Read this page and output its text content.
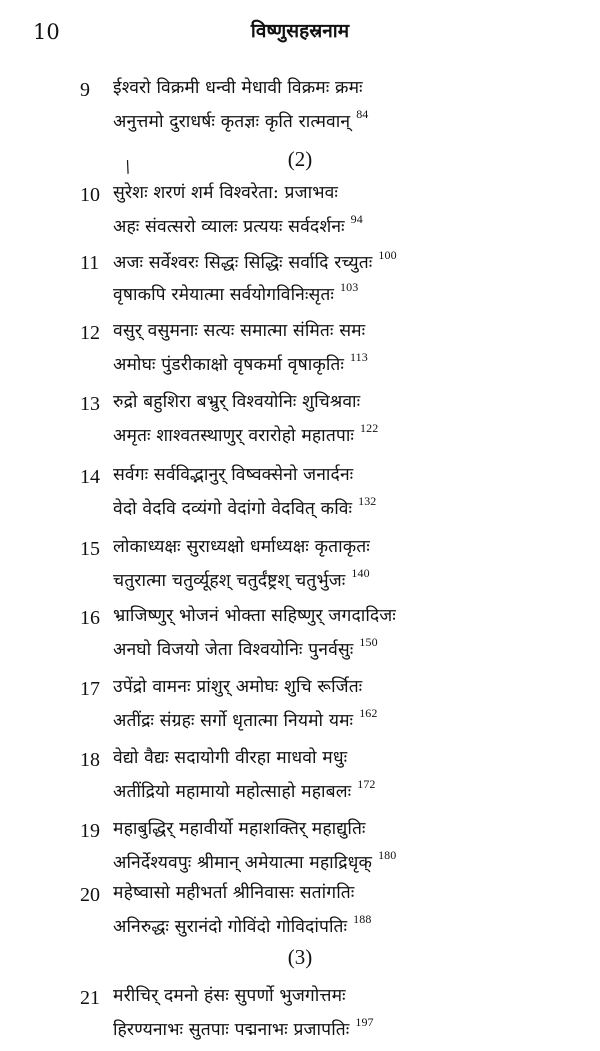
10	विष्णुसहस्रनाम
9 ईश्वरो विक्रमी धन्वी मेधावी विक्रमः क्रमः
अनुत्तमो दुराधर्षः कृतज्ञः कृति रात्मवान् $^{84}$
(2)
/
10 सुरेशः शरणं शर्म विश्वरेता: प्रजाभवः
अहः संवत्सरो व्यालः प्रत्ययः सर्वदर्शनः $^{94}$
11 अजः सर्वेश्वरः सिद्धः सिद्धिः सर्वादि रच्युतः $^{100}$
वृषाकपि रमेयात्मा सर्वयोगविनिःसृतः $^{103}$
12 वसुर् वसुमनाः सत्यः समात्मा संमितः समः
अमोघः पुंडरीकाक्षो वृषकर्मा वृषाकृतिः $^{113}$
13 रुद्रो बहुशिरा बभ्रुर् विश्वयोनिः शुचिश्रवाः
अमृतः शाश्वतस्थाणुर् वरारोहो महातपाः $^{122}$
14 सर्वगः सर्वविद्भानुर् विष्वक्सेनो जनार्दनः
वेदो वेदवि दव्यंगो वेदांगो वेदवित् कविः $^{132}$
15 लोकाध्यक्षः सुराध्यक्षो धर्माध्यक्षः कृताकृतः
चतुरात्मा चतुर्व्यूहश् चतुर्दंष्ट्रश् चतुर्भुजः $^{140}$
16 भ्राजिष्णुर् भोजनं भोक्ता सहिष्णुर् जगदादिजः
अनघो विजयो जेता विश्वयोनिः पुनर्वसुः $^{150}$
17 उपेंद्रो वामनः प्रांशुर् अमोघः शुचि रूर्जितः
अतींद्रः संग्रहः सर्गो धृतात्मा नियमो यमः $^{162}$
18 वेद्यो वैद्यः सदायोगी वीरहा माधवो मधुः
अतींद्रियो महामायो महोत्साहो महाबलः $^{172}$
19 महाबुद्धिर् महावीर्यो महाशक्तिर् महाद्युतिः
अनिर्देश्यवपुः श्रीमान् अमेयात्मा महाद्रिधृक् $^{180}$
20 महेष्वासो महीभर्ता श्रीनिवासः सतांगतिः
अनिरुद्धः सुरानंदो गोविंदो गोविदांपतिः $^{188}$
(3)
21 मरीचिर् दमनो हंसः सुपर्णो भुजगोत्तमः
हिरण्यनाभः सुतपाः पद्मनाभः प्रजापतिः $^{197}$
